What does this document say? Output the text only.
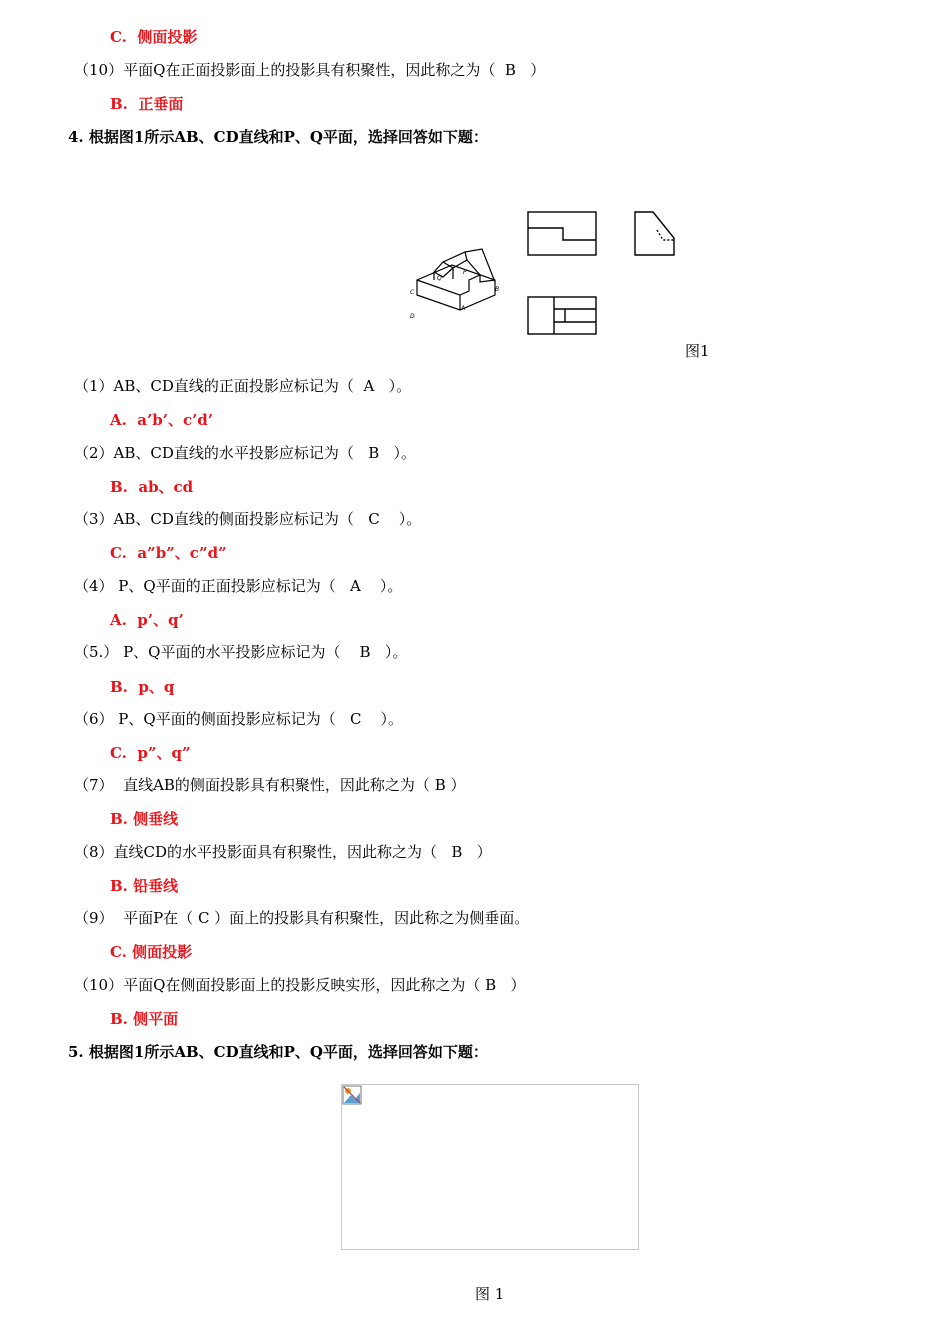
C.  侧面投影
（10）平面Q在正面投影面上的投影具有积聚性，因此称之为（  B   ）
B.  正垂面
4. 根据图1所示AB、CD直线和P、Q平面，选择回答如下题：
C
D
B
A
P
Q
图1
（1）AB、CD直线的正面投影应标记为（  A   ）。
A.  a’b’、c’d’
（2）AB、CD直线的水平投影应标记为（   B   ）。
B.  ab、cd
（3）AB、CD直线的侧面投影应标记为（   C    ）。
C.  a”b”、c”d”
（4） P、Q平面的正面投影应标记为（   A    ）。
A.  p’、q’
（5.） P、Q平面的水平投影应标记为（    B   ）。
B.  p、q
（6） P、Q平面的侧面投影应标记为（   C    ）。
C.  p”、q”
（7）  直线AB的侧面投影具有积聚性，因此称之为（ B ）
B. 侧垂线
（8）直线CD的水平投影面具有积聚性，因此称之为（   B   ）
B. 铅垂线
（9）  平面P在（ C ）面上的投影具有积聚性，因此称之为侧垂面。
C. 侧面投影
（10）平面Q在侧面投影面上的投影反映实形，因此称之为（ B   ）
B. 侧平面
5. 根据图1所示AB、CD直线和P、Q平面，选择回答如下题：
图 1
